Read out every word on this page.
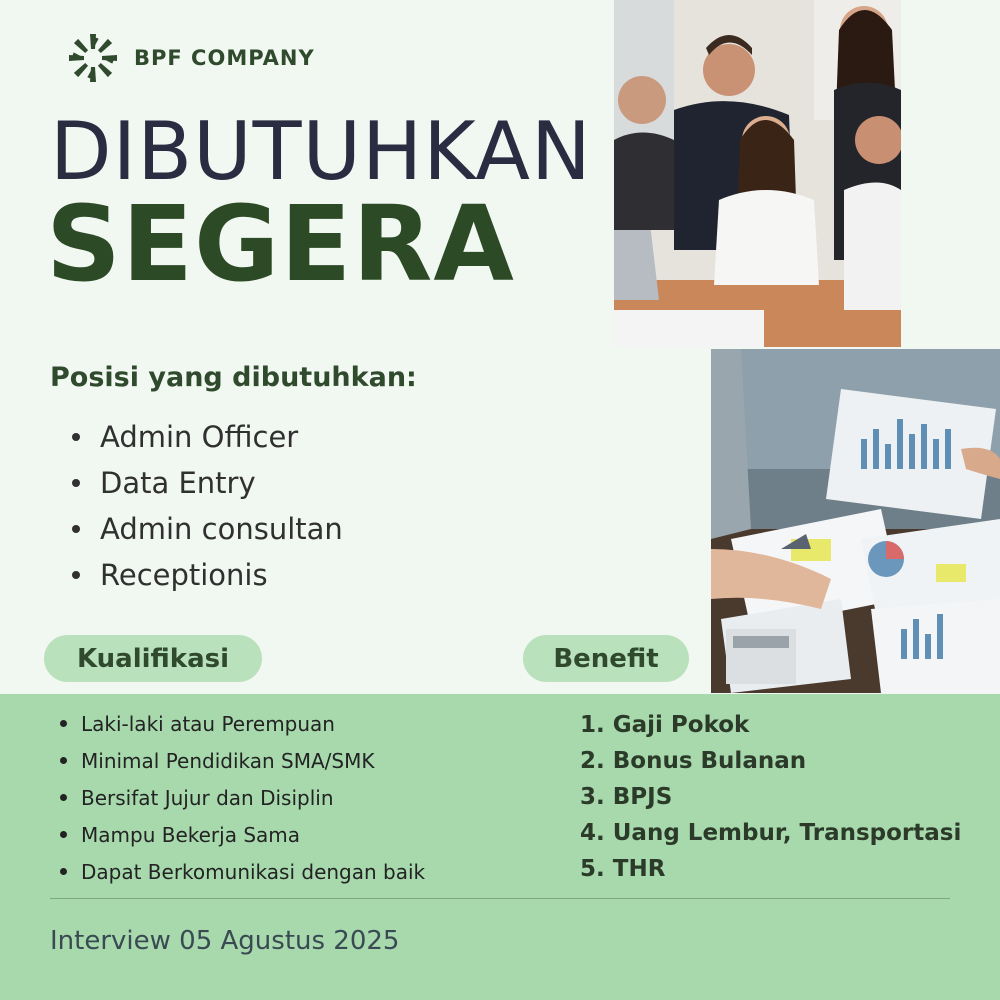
BPF COMPANY
DIBUTUHKAN
SEGERA
Posisi yang dibutuhkan:
Admin Officer
Data Entry
Admin consultan
Receptionis
Kualifikasi	Benefit
Laki-laki atau Perempuan
Minimal Pendidikan SMA/SMK
Bersifat Jujur dan Disiplin
Mampu Bekerja Sama
Dapat Berkomunikasi dengan baik
1. Gaji Pokok
2. Bonus Bulanan
3. BPJS
4. Uang Lembur, Transportasi
5. THR
Interview 05 Agustus 2025
